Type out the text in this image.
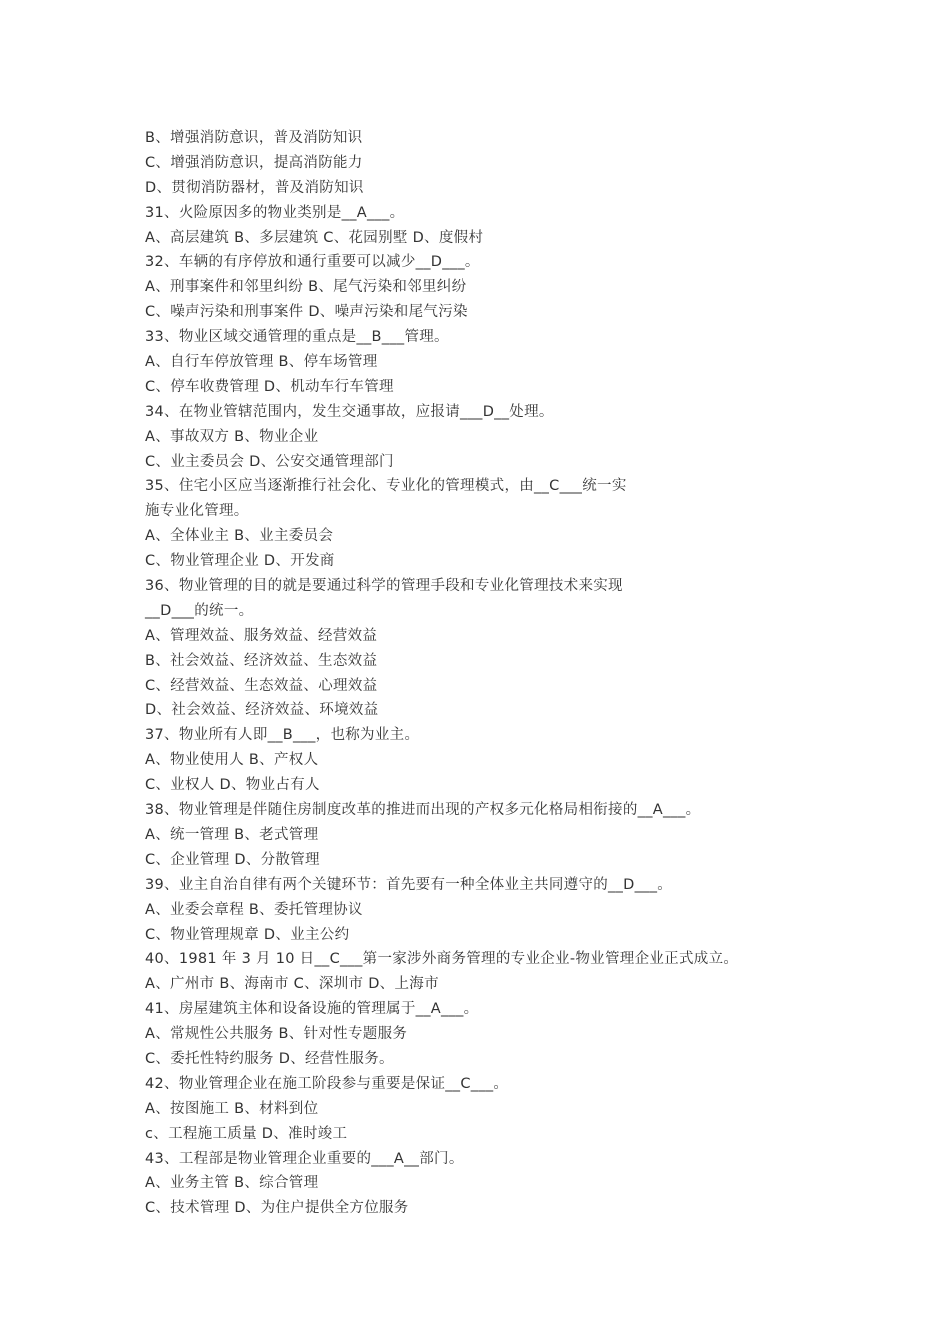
B、增强消防意识，普及消防知识
C、增强消防意识，提高消防能力
D、贯彻消防器材，普及消防知识
31、火险原因多的物业类别是__A___。
A、高层建筑 B、多层建筑 C、花园别墅 D、度假村
32、车辆的有序停放和通行重要可以减少__D___。
A、刑事案件和邻里纠纷 B、尾气污染和邻里纠纷
C、噪声污染和刑事案件 D、噪声污染和尾气污染
33、物业区域交通管理的重点是__B___管理。
A、自行车停放管理 B、停车场管理
C、停车收费管理 D、机动车行车管理
34、在物业管辖范围内，发生交通事故，应报请___D__处理。
A、事故双方 B、物业企业
C、业主委员会 D、公安交通管理部门
35、住宅小区应当逐渐推行社会化、专业化的管理模式，由__C___统一实
施专业化管理。
A、全体业主 B、业主委员会
C、物业管理企业 D、开发商
36、物业管理的目的就是要通过科学的管理手段和专业化管理技术来实现
__D___的统一。
A、管理效益、服务效益、经营效益
B、社会效益、经济效益、生态效益
C、经营效益、生态效益、心理效益
D、社会效益、经济效益、环境效益
37、物业所有人即__B___，也称为业主。
A、物业使用人 B、产权人
C、业权人 D、物业占有人
38、物业管理是伴随住房制度改革的推进而出现的产权多元化格局相衔接的__A___。
A、统一管理 B、老式管理
C、企业管理 D、分散管理
39、业主自治自律有两个关键环节：首先要有一种全体业主共同遵守的__D___。
A、业委会章程 B、委托管理协议
C、物业管理规章 D、业主公约
40、1981 年 3 月 10 日__C___第一家涉外商务管理的专业企业-物业管理企业正式成立。
A、广州市 B、海南市 C、深圳市 D、上海市
41、房屋建筑主体和设备设施的管理属于__A___。
A、常规性公共服务 B、针对性专题服务
C、委托性特约服务 D、经营性服务。
42、物业管理企业在施工阶段参与重要是保证__C___。
A、按图施工 B、材料到位
c、工程施工质量 D、准时竣工
43、工程部是物业管理企业重要的___A__部门。
A、业务主管 B、综合管理
C、技术管理 D、为住户提供全方位服务
